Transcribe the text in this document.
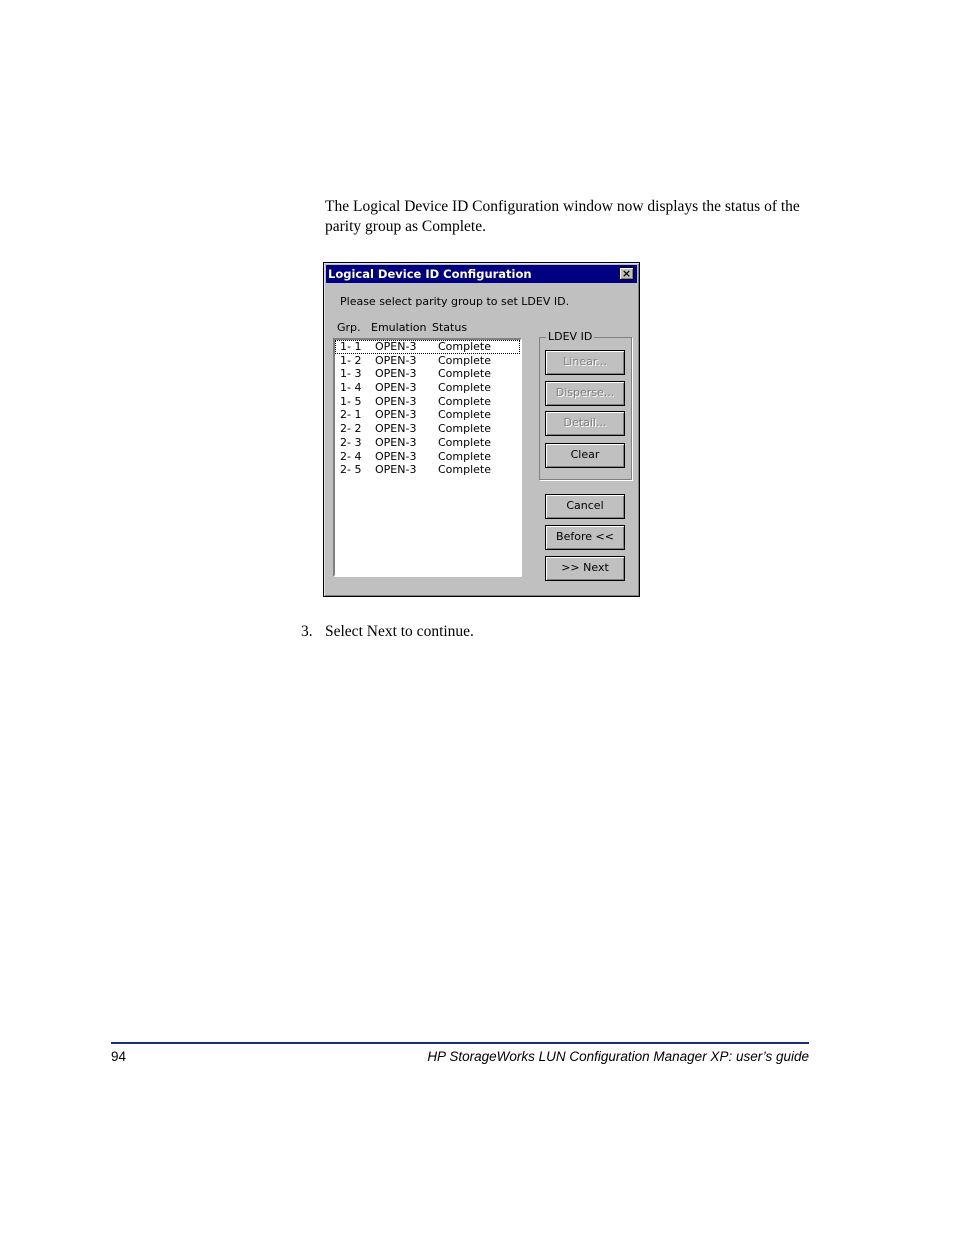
The Logical Device ID Configuration window now displays the status of the parity group as Complete.

Logical Device ID Configuration	×
Please select parity group to set LDEV ID.
Grp. Emulation Status
1- 1 OPEN-3 Complete
1- 2 OPEN-3 Complete
1- 3 OPEN-3 Complete
1- 4 OPEN-3 Complete
1- 5 OPEN-3 Complete
2- 1 OPEN-3 Complete
2- 2 OPEN-3 Complete
2- 3 OPEN-3 Complete
2- 4 OPEN-3 Complete
2- 5 OPEN-3 Complete
LDEV ID
Linear...
Disperse...
Detail...
Clear
Cancel
Before <<
>> Next
3. Select Next to continue.
94	HP StorageWorks LUN Configuration Manager XP: user’s guide
